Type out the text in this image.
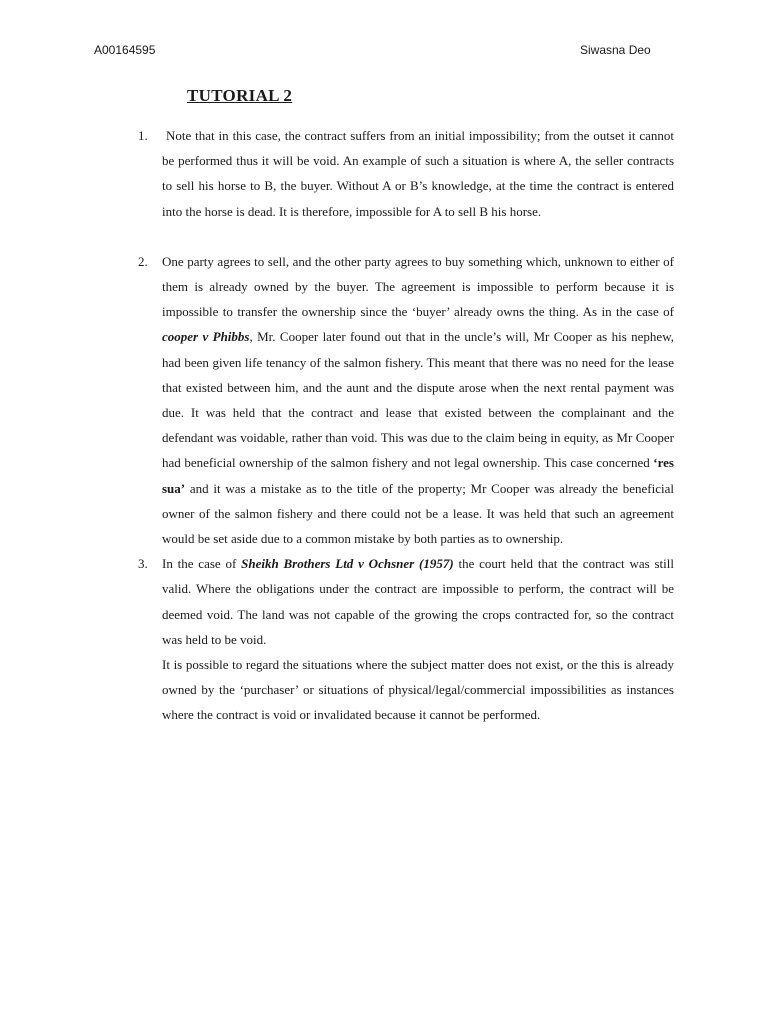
A00164595	Siwasna Deo
TUTORIAL 2
1.	Note that in this case, the contract suffers from an initial impossibility; from the outset it cannot be performed thus it will be void. An example of such a situation is where A, the seller contracts to sell his horse to B, the buyer. Without A or B’s knowledge, at the time the contract is entered into the horse is dead. It is therefore, impossible for A to sell B his horse.

2. One party agrees to sell, and the other party agrees to buy something which, unknown to either of them is already owned by the buyer. The agreement is impossible to perform because it is impossible to transfer the ownership since the ‘buyer’ already owns the thing. As in the case of cooper v Phibbs, Mr. Cooper later found out that in the uncle’s will, Mr Cooper as his nephew, had been given life tenancy of the salmon fishery. This meant that there was no need for the lease that existed between him, and the aunt and the dispute arose when the next rental payment was due. It was held that the contract and lease that existed between the complainant and the defendant was voidable, rather than void. This was due to the claim being in equity, as Mr Cooper had beneficial ownership of the salmon fishery and not legal ownership. This case concerned ‘res sua’ and it was a mistake as to the title of the property; Mr Cooper was already the beneficial owner of the salmon fishery and there could not be a lease. It was held that such an agreement would be set aside due to a common mistake by both parties as to ownership.

3. In the case of Sheikh Brothers Ltd v Ochsner (1957) the court held that the contract was still valid. Where the obligations under the contract are impossible to perform, the contract will be deemed void. The land was not capable of the growing the crops contracted for, so the contract was held to be void.

It is possible to regard the situations where the subject matter does not exist, or the this is already owned by the ‘purchaser’ or situations of physical/legal/commercial impossibilities as instances where the contract is void or invalidated because it cannot be performed.
